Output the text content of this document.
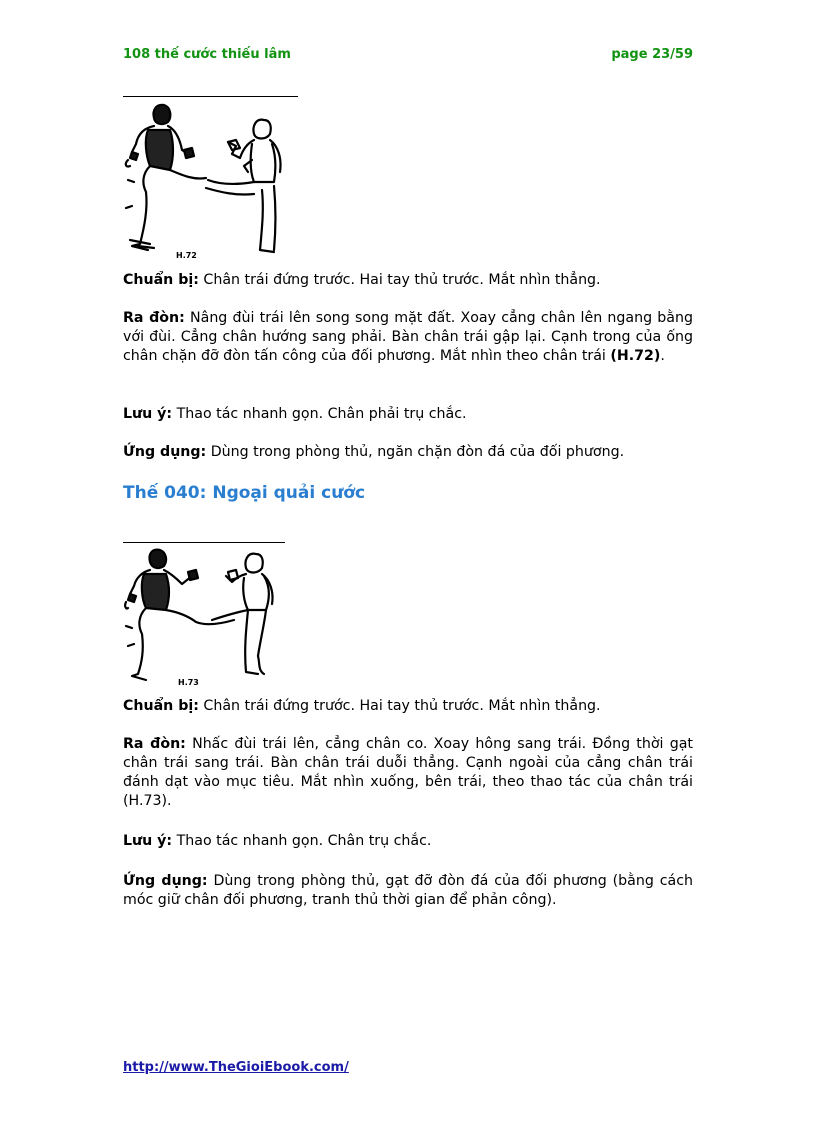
108 thế cước thiếu lâm	page 23/59
H.72

Chuẩn bị: Chân trái đứng trước. Hai tay thủ trước. Mắt nhìn thẳng.

Ra đòn: Nâng đùi trái lên song song mặt đất. Xoay cẳng chân lên ngang bằng với đùi. Cẳng chân hướng sang phải. Bàn chân trái gập lại. Cạnh trong của ống chân chặn đỡ đòn tấn công của đối phương. Mắt nhìn theo chân trái (H.72).

Lưu ý: Thao tác nhanh gọn. Chân phải trụ chắc.

Ứng dụng: Dùng trong phòng thủ, ngăn chặn đòn đá của đối phương.

Thế 040: Ngoại quải cước
H.73

Chuẩn bị: Chân trái đứng trước. Hai tay thủ trước. Mắt nhìn thẳng.

Ra đòn: Nhấc đùi trái lên, cẳng chân co. Xoay hông sang trái. Đồng thời gạt chân trái sang trái. Bàn chân trái duỗi thẳng. Cạnh ngoài của cẳng chân trái đánh dạt vào mục tiêu. Mắt nhìn xuống, bên trái, theo thao tác của chân trái (H.73).

Lưu ý: Thao tác nhanh gọn. Chân trụ chắc.

Ứng dụng: Dùng trong phòng thủ, gạt đỡ đòn đá của đối phương (bằng cách móc giữ chân đối phương, tranh thủ thời gian để phản công).

http://www.TheGioiEbook.com/
